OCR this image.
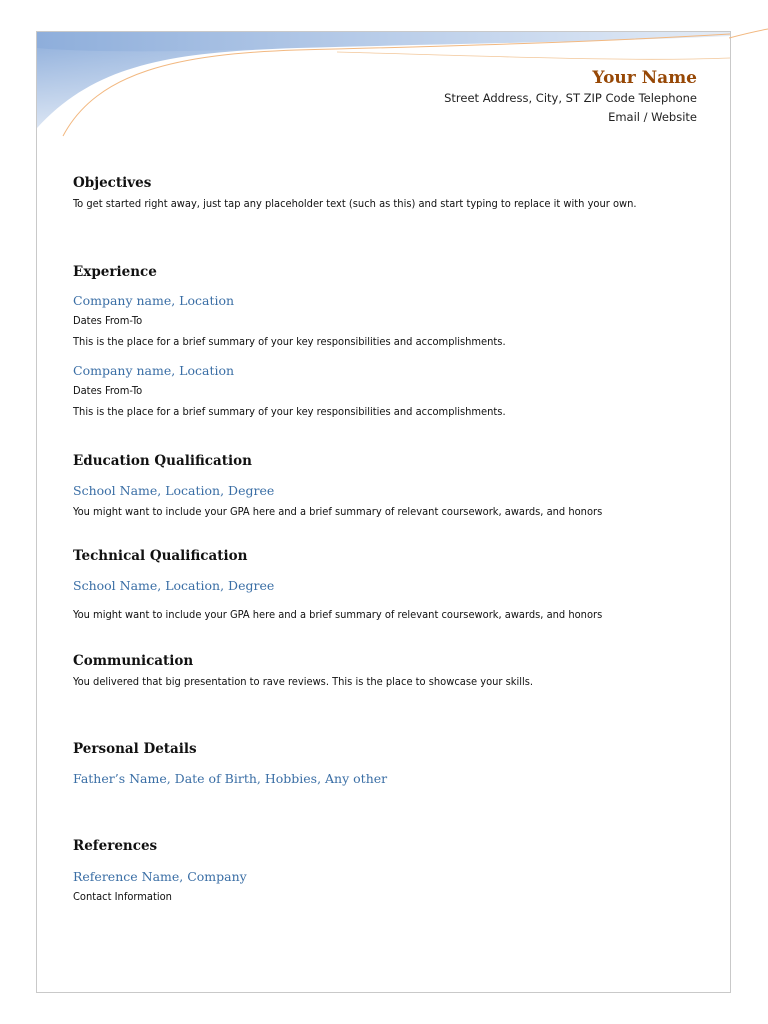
Your Name
Street Address, City, ST ZIP Code Telephone
Email / Website
Objectives
To get started right away, just tap any placeholder text (such as this) and start typing to replace it with your own.
Experience
Company name, Location
Dates From-To
This is the place for a brief summary of your key responsibilities and accomplishments.
Company name, Location
Dates From-To
This is the place for a brief summary of your key responsibilities and accomplishments.
Education Qualification
School Name, Location, Degree
You might want to include your GPA here and a brief summary of relevant coursework, awards, and honors
Technical Qualification
School Name, Location, Degree
You might want to include your GPA here and a brief summary of relevant coursework, awards, and honors
Communication
You delivered that big presentation to rave reviews. This is the place to showcase your skills.
Personal Details
Father’s Name, Date of Birth, Hobbies, Any other
References
Reference Name, Company
Contact Information
